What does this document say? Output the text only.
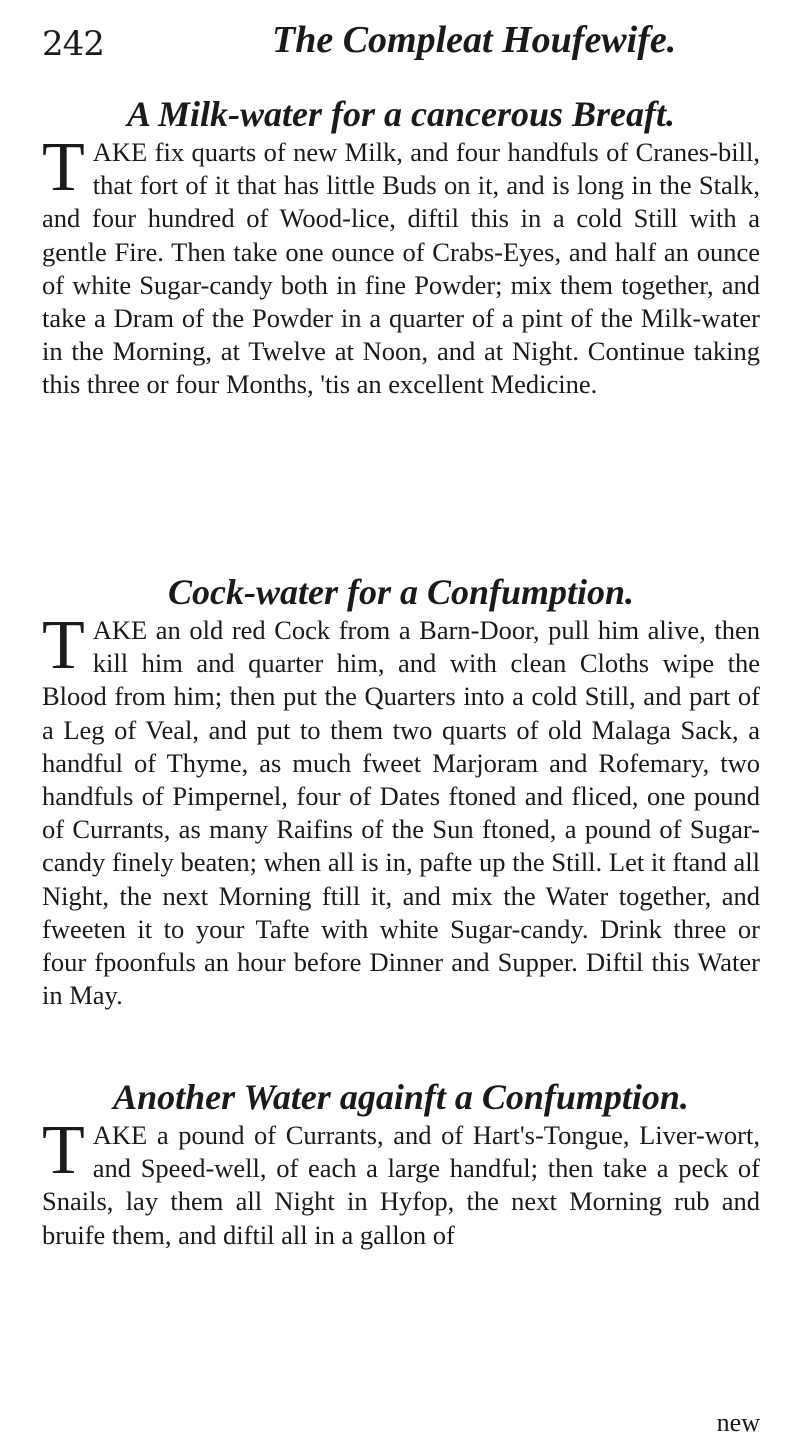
242	The Compleat Houfewife.
A Milk-water for a cancerous Breaft.

TAKE fix quarts of new Milk, and four handfuls of Cranes-bill, that fort of it that has little Buds on it, and is long in the Stalk, and four hundred of Wood-lice, diftil this in a cold Still with a gentle Fire. Then take one ounce of Crabs-Eyes, and half an ounce of white Sugar-candy both in fine Powder; mix them together, and take a Dram of the Powder in a quarter of a pint of the Milk-water in the Morning, at Twelve at Noon, and at Night. Continue taking this three or four Months, 'tis an excellent Medicine.

Cock-water for a Confumption.

TAKE an old red Cock from a Barn-Door, pull him alive, then kill him and quarter him, and with clean Cloths wipe the Blood from him; then put the Quarters into a cold Still, and part of a Leg of Veal, and put to them two quarts of old Malaga Sack, a handful of Thyme, as much fweet Marjoram and Rofemary, two handfuls of Pimpernel, four of Dates ftoned and fliced, one pound of Currants, as many Raifins of the Sun ftoned, a pound of Sugar-candy finely beaten; when all is in, pafte up the Still. Let it ftand all Night, the next Morning ftill it, and mix the Water together, and fweeten it to your Tafte with white Sugar-candy. Drink three or four fpoonfuls an hour before Dinner and Supper. Diftil this Water in May.

Another Water againft a Confumption.

TAKE a pound of Currants, and of Hart's-Tongue, Liver-wort, and Speed-well, of each a large handful; then take a peck of Snails, lay them all Night in Hyfop, the next Morning rub and bruife them, and diftil all in a gallon of

new
